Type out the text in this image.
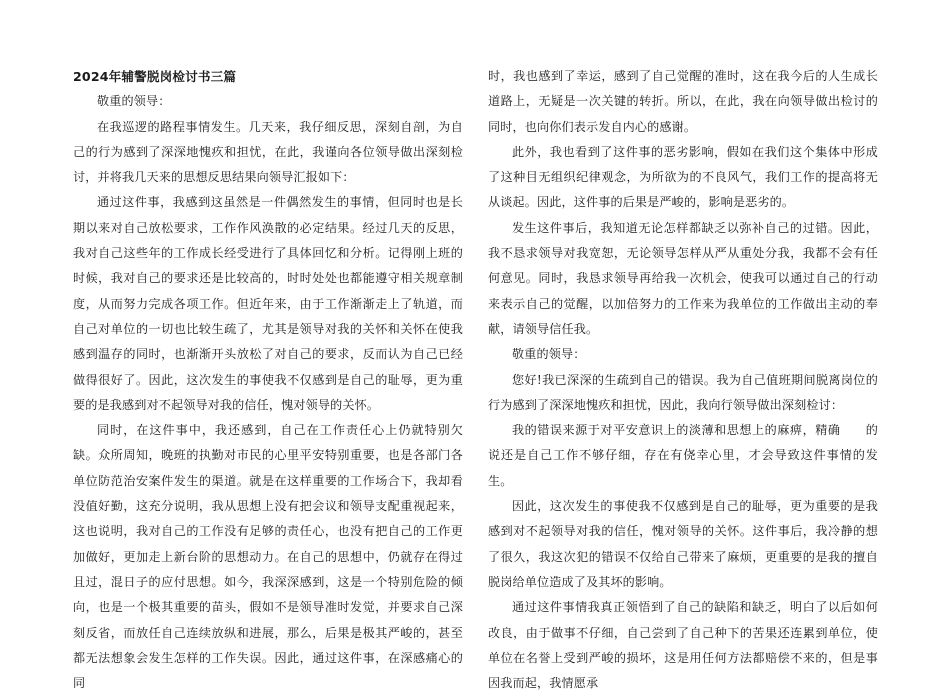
2024年辅警脱岗检讨书三篇

敬重的领导：

在我巡逻的路程事情发生。几天来，我仔细反思，深刻自剖，为自己的行为感到了深深地愧疚和担忧，在此，我谨向各位领导做出深刻检讨，并将我几天来的思想反思结果向领导汇报如下：

通过这件事，我感到这虽然是一件偶然发生的事情，但同时也是长期以来对自己放松要求，工作作风涣散的必定结果。经过几天的反思，我对自己这些年的工作成长经受进行了具体回忆和分析。记得刚上班的时候，我对自己的要求还是比较高的，时时处处也都能遵守相关规章制度，从而努力完成各项工作。但近年来，由于工作渐渐走上了轨道，而自己对单位的一切也比较生疏了，尤其是领导对我的关怀和关怀在使我感到温存的同时，也渐渐开头放松了对自己的要求，反而认为自己已经做得很好了。因此，这次发生的事使我不仅感到是自己的耻辱，更为重要的是我感到对不起领导对我的信任，愧对领导的关怀。

同时，在这件事中，我还感到，自己在工作责任心上仍就特别欠缺。众所周知，晚班的执勤对市民的心里平安特别重要，也是各部门各单位防范治安案件发生的渠道。就是在这样重要的工作场合下，我却看没值好勤，这充分说明，我从思想上没有把会议和领导支配重视起来，这也说明，我对自己的工作没有足够的责任心，也没有把自己的工作更加做好，更加走上新台阶的思想动力。在自己的思想中，仍就存在得过且过，混日子的应付思想。如今，我深深感到，这是一个特别危险的倾向，也是一个极其重要的苗头，假如不是领导准时发觉，并要求自己深刻反省，而放任自己连续放纵和进展，那么，后果是极其严峻的，甚至都无法想象会发生怎样的工作失误。因此，通过这件事，在深感痛心的同

时，我也感到了幸运，感到了自己觉醒的准时，这在我今后的人生成长道路上，无疑是一次关键的转折。所以，在此，我在向领导做出检讨的同时，也向你们表示发自内心的感谢。

此外，我也看到了这件事的恶劣影响，假如在我们这个集体中形成了这种目无组织纪律观念，为所欲为的不良风气，我们工作的提高将无从谈起。因此，这件事的后果是严峻的，影响是恶劣的。

发生这件事后，我知道无论怎样都缺乏以弥补自己的过错。因此，我不恳求领导对我宽恕，无论领导怎样从严从重处分我，我都不会有任何意见。同时，我恳求领导再给我一次机会，使我可以通过自己的行动来表示自己的觉醒，以加倍努力的工作来为我单位的工作做出主动的奉献，请领导信任我。

敬重的领导：

您好!我已深深的生疏到自己的错误。我为自己值班期间脱离岗位的行为感到了深深地愧疚和担忧，因此，我向行领导做出深刻检讨：

我的错误来源于对平安意识上的淡薄和思想上的麻痹，精确　　的说还是自己工作不够仔细，存在有侥幸心里，才会导致这件事情的发生。

因此，这次发生的事使我不仅感到是自己的耻辱，更为重要的是我感到对不起领导对我的信任，愧对领导的关怀。这件事后，我冷静的想了很久，我这次犯的错误不仅给自己带来了麻烦，更重要的是我的擅自脱岗给单位造成了及其坏的影响。

通过这件事情我真正领悟到了自己的缺陷和缺乏，明白了以后如何改良，由于做事不仔细，自己尝到了自己种下的苦果还连累到单位，使单位在名誉上受到严峻的损坏，这是用任何方法都赔偿不来的，但是事因我而起，我情愿承
